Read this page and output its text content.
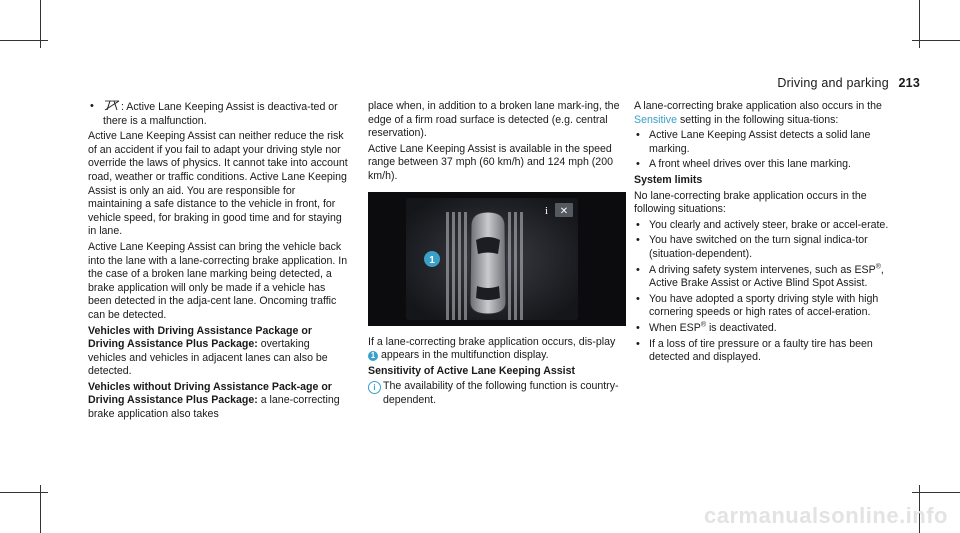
Driving and parking 213
• : Active Lane Keeping Assist is deactiva‑ted or there is a malfunction.

Active Lane Keeping Assist can neither reduce the risk of an accident if you fail to adapt your driving style nor override the laws of physics. It cannot take into account road, weather or traffic conditions. Active Lane Keeping Assist is only an aid. You are responsible for maintaining a safe distance to the vehicle in front, for vehicle speed, for braking in good time and for staying in lane.

Active Lane Keeping Assist can bring the vehicle back into the lane with a lane-correcting brake application. In the case of a broken lane marking being detected, a brake application will only be made if a vehicle has been detected in the adja‑cent lane. Oncoming traffic can be detected.

Vehicles with Driving Assistance Package or Driving Assistance Plus Package: overtaking vehicles and vehicles in adjacent lanes can also be detected.

Vehicles without Driving Assistance Pack‑age or Driving Assistance Plus Package: a lane-correcting brake application also takes

place when, in addition to a broken lane mark‑ing, the edge of a firm road surface is detected (e.g. central reservation).

Active Lane Keeping Assist is available in the speed range between 37 mph (60 km/h) and 124 mph (200 km/h).

1
i ✕

If a lane-correcting brake application occurs, dis‑play 1 appears in the multifunction display.

Sensitivity of Active Lane Keeping Assist

i The availability of the following function is country-dependent.

A lane-correcting brake application also occurs in the Sensitive setting in the following situa‑tions:

• Active Lane Keeping Assist detects a solid lane marking.
• A front wheel drives over this lane marking.

System limits

No lane-correcting brake application occurs in the following situations:

• You clearly and actively steer, brake or accel‑erate.
• You have switched on the turn signal indica‑tor (situation-dependent).
• A driving safety system intervenes, such as ESP®, Active Brake Assist or Active Blind Spot Assist.
• You have adopted a sporty driving style with high cornering speeds or high rates of accel‑eration.
• When ESP® is deactivated.
• If a loss of tire pressure or a faulty tire has been detected and displayed.
carmanualsonline.info
